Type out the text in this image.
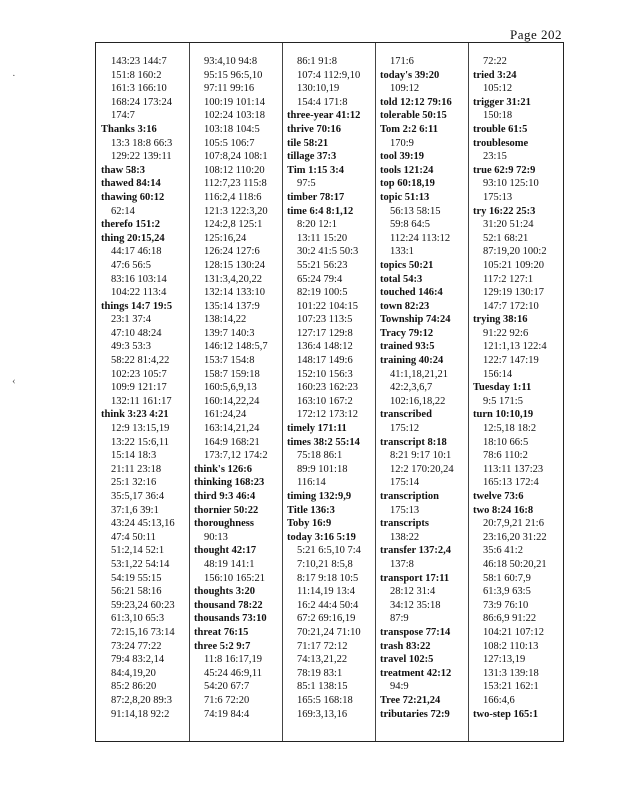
Page 202
·
‹
143:23 144:7
151:8 160:2
161:3 166:10
168:24 173:24
174:7
Thanks 3:16
13:3 18:8 66:3
129:22 139:11
thaw 58:3
thawed 84:14
thawing 60:12
62:14
therefo 151:2
thing 20:15,24
44:17 46:18
47:6 56:5
83:16 103:14
104:22 113:4
things 14:7 19:5
23:1 37:4
47:10 48:24
49:3 53:3
58:22 81:4,22
102:23 105:7
109:9 121:17
132:11 161:17
think 3:23 4:21
12:9 13:15,19
13:22 15:6,11
15:14 18:3
21:11 23:18
25:1 32:16
35:5,17 36:4
37:1,6 39:1
43:24 45:13,16
47:4 50:11
51:2,14 52:1
53:1,22 54:14
54:19 55:15
56:21 58:16
59:23,24 60:23
61:3,10 65:3
72:15,16 73:14
73:24 77:22
79:4 83:2,14
84:4,19,20
85:2 86:20
87:2,8,20 89:3
91:14,18 92:2
93:4,10 94:8
95:15 96:5,10
97:11 99:16
100:19 101:14
102:24 103:18
103:18 104:5
105:5 106:7
107:8,24 108:1
108:12 110:20
112:7,23 115:8
116:2,4 118:6
121:3 122:3,20
124:2,8 125:1
125:16,24
126:24 127:6
128:15 130:24
131:3,4,20,22
132:14 133:10
135:14 137:9
138:14,22
139:7 140:3
146:12 148:5,7
153:7 154:8
158:7 159:18
160:5,6,9,13
160:14,22,24
161:24,24
163:14,21,24
164:9 168:21
173:7,12 174:2
think's 126:6
thinking 168:23
third 9:3 46:4
thornier 50:22
thoroughness
90:13
thought 42:17
48:19 141:1
156:10 165:21
thoughts 3:20
thousand 78:22
thousands 73:10
threat 76:15
three 5:2 9:7
11:8 16:17,19
45:24 46:9,11
54:20 67:7
71:6 72:20
74:19 84:4
86:1 91:8
107:4 112:9,10
130:10,19
154:4 171:8
three-year 41:12
thrive 70:16
tile 58:21
tillage 37:3
Tim 1:15 3:4
97:5
timber 78:17
time 6:4 8:1,12
8:20 12:1
13:11 15:20
30:2 41:5 50:3
55:21 56:23
65:24 79:4
82:19 100:5
101:22 104:15
107:23 113:5
127:17 129:8
136:4 148:12
148:17 149:6
152:10 156:3
160:23 162:23
163:10 167:2
172:12 173:12
timely 171:11
times 38:2 55:14
75:18 86:1
89:9 101:18
116:14
timing 132:9,9
Title 136:3
Toby 16:9
today 3:16 5:19
5:21 6:5,10 7:4
7:10,21 8:5,8
8:17 9:18 10:5
11:14,19 13:4
16:2 44:4 50:4
67:2 69:16,19
70:21,24 71:10
71:17 72:12
74:13,21,22
78:19 83:1
85:1 138:15
165:5 168:18
169:3,13,16
171:6
today's 39:20
109:12
told 12:12 79:16
tolerable 50:15
Tom 2:2 6:11
170:9
tool 39:19
tools 121:24
top 60:18,19
topic 51:13
56:13 58:15
59:8 64:5
112:24 113:12
133:1
topics 50:21
total 54:3
touched 146:4
town 82:23
Township 74:24
Tracy 79:12
trained 93:5
training 40:24
41:1,18,21,21
42:2,3,6,7
102:16,18,22
transcribed
175:12
transcript 8:18
8:21 9:17 10:1
12:2 170:20,24
175:14
transcription
175:13
transcripts
138:22
transfer 137:2,4
137:8
transport 17:11
28:12 31:4
34:12 35:18
87:9
transpose 77:14
trash 83:22
travel 102:5
treatment 42:12
94:9
Tree 72:21,24
tributaries 72:9
72:22
tried 3:24
105:12
trigger 31:21
150:18
trouble 61:5
troublesome
23:15
true 62:9 72:9
93:10 125:10
175:13
try 16:22 25:3
31:20 51:24
52:1 68:21
87:19,20 100:2
105:21 109:20
117:2 127:1
129:19 130:17
147:7 172:10
trying 38:16
91:22 92:6
121:1,13 122:4
122:7 147:19
156:14
Tuesday 1:11
9:5 171:5
turn 10:10,19
12:5,18 18:2
18:10 66:5
78:6 110:2
113:11 137:23
165:13 172:4
twelve 73:6
two 8:24 16:8
20:7,9,21 21:6
23:16,20 31:22
35:6 41:2
46:18 50:20,21
58:1 60:7,9
61:3,9 63:5
73:9 76:10
86:6,9 91:22
104:21 107:12
108:2 110:13
127:13,19
131:3 139:18
153:21 162:1
166:4,6
two-step 165:1
